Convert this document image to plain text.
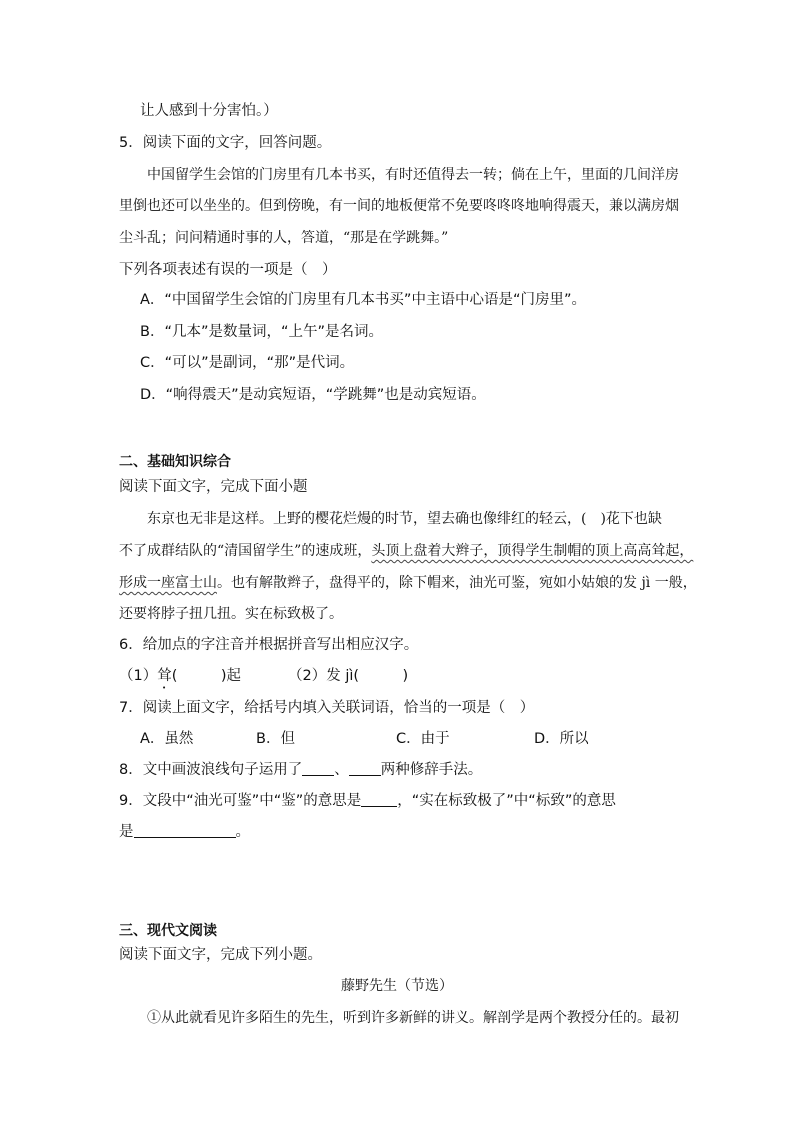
让人感到十分害怕。）
5．阅读下面的文字，回答问题。
中国留学生会馆的门房里有几本书买，有时还值得去一转；倘在上午，里面的几间洋房
里倒也还可以坐坐的。但到傍晚，有一间的地板便常不免要咚咚咚地响得震天，兼以满房烟
尘斗乱；问问精通时事的人，答道，“那是在学跳舞。”
下列各项表述有误的一项是（　）
A．“中国留学生会馆的门房里有几本书买”中主语中心语是“门房里”。
B．“几本”是数量词，“上午”是名词。
C．“可以”是副词，“那”是代词。
D．“响得震天”是动宾短语，“学跳舞”也是动宾短语。
二、基础知识综合
阅读下面文字，完成下面小题
东京也无非是这样。上野的樱花烂熳的时节，望去确也像绯红的轻云，(　)花下也缺
不了成群结队的“清国留学生”的速成班，头顶上盘着大辫子，顶得学生制帽的顶上高高耸起，
形成一座富士山。也有解散辫子，盘得平的，除下帽来，油光可鉴，宛如小姑娘的发 jì 一般，
还要将脖子扭几扭。实在标致极了。
6．给加点的字注音并根据拼音写出相应汉字。
（1）耸(　　　)起	（2）发 jì(　　　)
7．阅读上面文字，给括号内填入关联词语，恰当的一项是（　）
A．虽然	B．但	C．由于	D．所以
8．文中画波浪线句子运用了 、 两种修辞手法。
9．文段中“油光可鉴”中“鉴”的意思是 ，“实在标致极了”中“标致”的意思
是	。
三、现代文阅读
阅读下面文字，完成下列小题。
藤野先生（节选）
①从此就看见许多陌生的先生，听到许多新鲜的讲义。解剖学是两个教授分任的。最初
